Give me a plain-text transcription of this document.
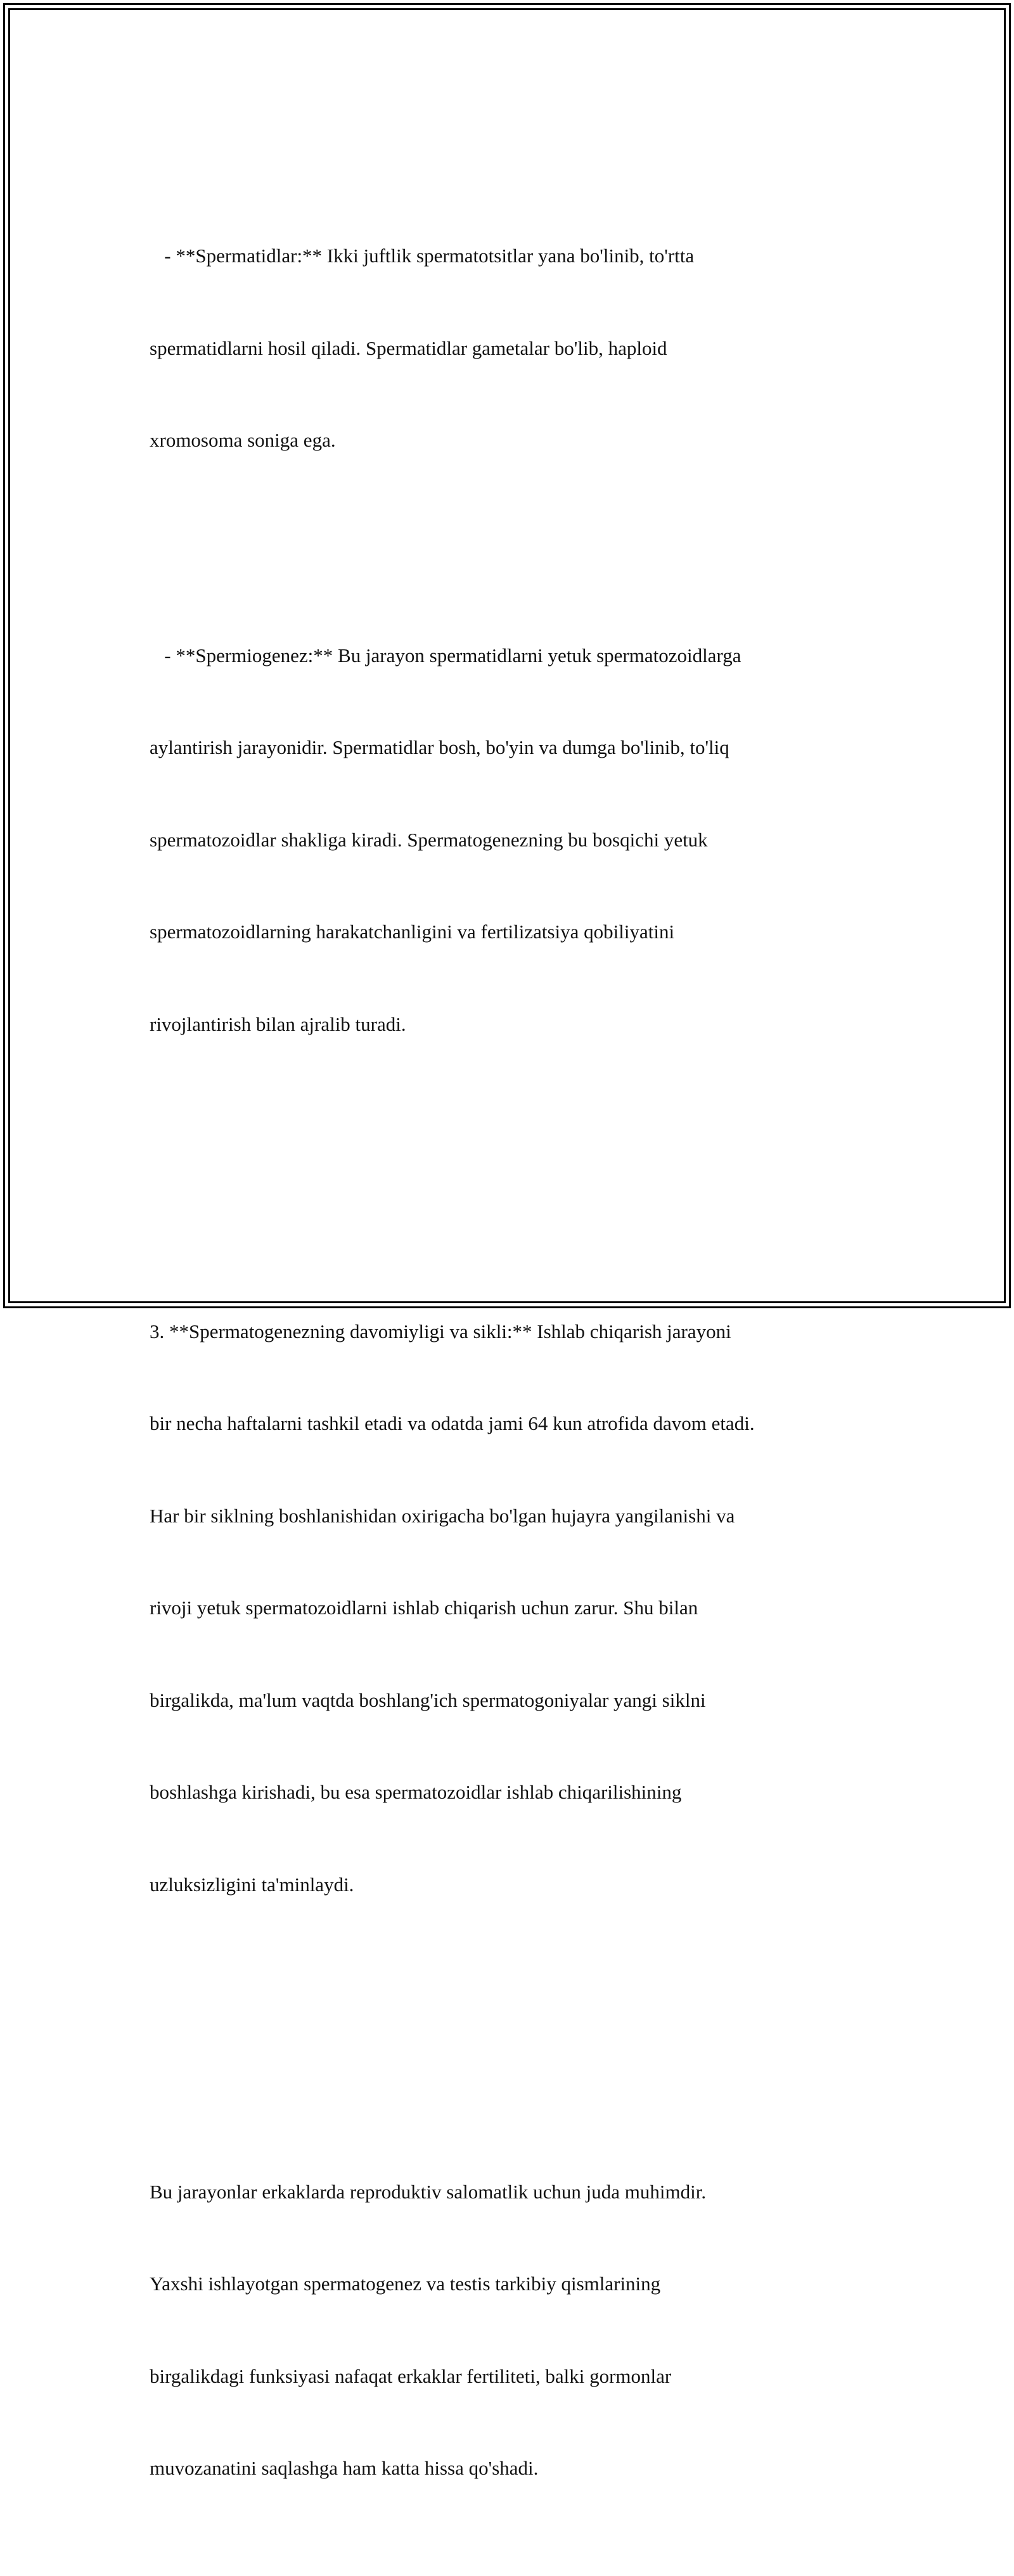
- **Spermatidlar:** Ikki juftlik spermatotsitlar yana bo'linib, to'rtta

spermatidlarni hosil qiladi. Spermatidlar gametalar bo'lib, haploid

xromosoma soniga ega.

- **Spermiogenez:** Bu jarayon spermatidlarni yetuk spermatozoidlarga

aylantirish jarayonidir. Spermatidlar bosh, bo'yin va dumga bo'linib, to'liq

spermatozoidlar shakliga kiradi. Spermatogenezning bu bosqichi yetuk

spermatozoidlarning harakatchanligini va fertilizatsiya qobiliyatini

rivojlantirish bilan ajralib turadi.

3. **Spermatogenezning davomiyligi va sikli:** Ishlab chiqarish jarayoni

bir necha haftalarni tashkil etadi va odatda jami 64 kun atrofida davom etadi.

Har bir siklning boshlanishidan oxirigacha bo'lgan hujayra yangilanishi va

rivoji yetuk spermatozoidlarni ishlab chiqarish uchun zarur. Shu bilan

birgalikda, ma'lum vaqtda boshlang'ich spermatogoniyalar yangi siklni

boshlashga kirishadi, bu esa spermatozoidlar ishlab chiqarilishining

uzluksizligini ta'minlaydi.

Bu jarayonlar erkaklarda reproduktiv salomatlik uchun juda muhimdir.

Yaxshi ishlayotgan spermatogenez va testis tarkibiy qismlarining

birgalikdagi funksiyasi nafaqat erkaklar fertiliteti, balki gormonlar

muvozanatini saqlashga ham katta hissa qo'shadi.
